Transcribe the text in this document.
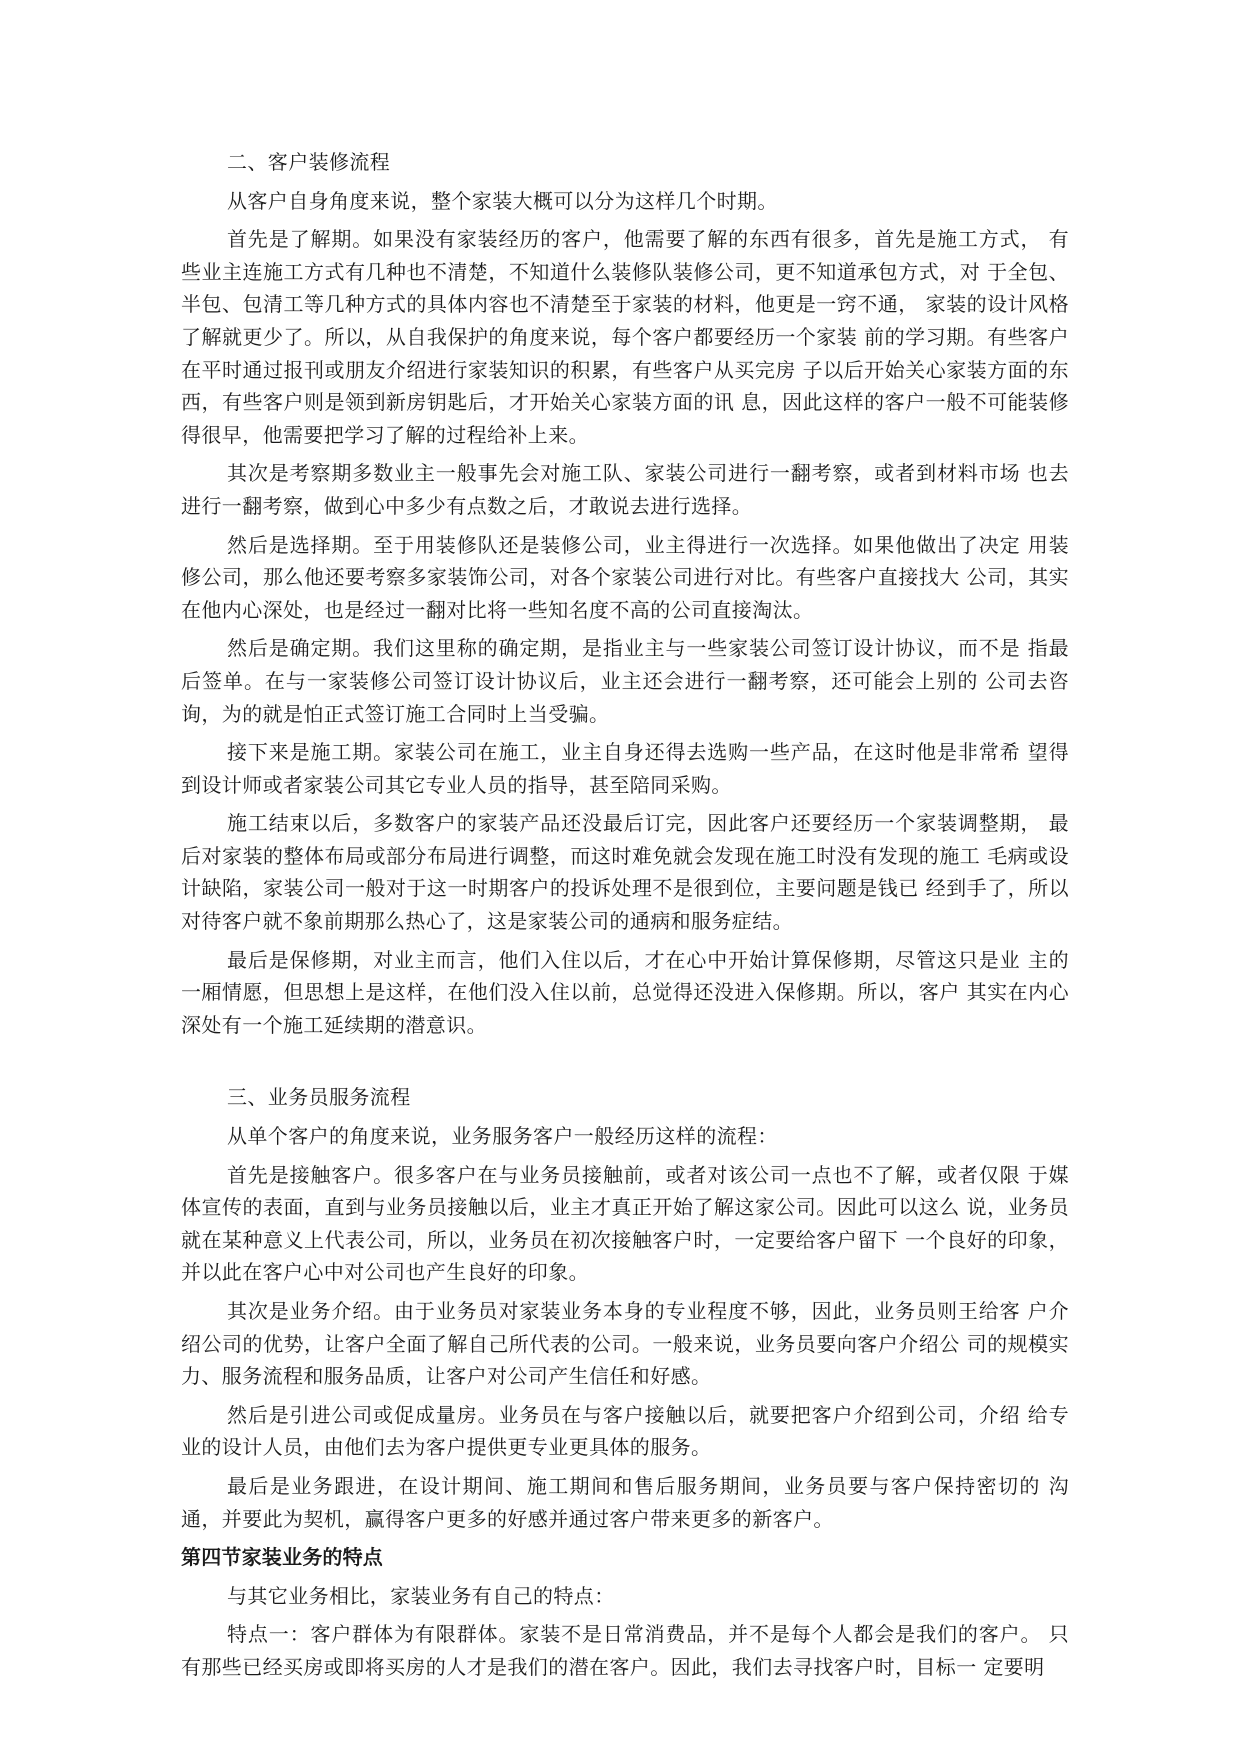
二、客户装修流程

从客户自身角度来说，整个家装大概可以分为这样几个时期。

首先是了解期。如果没有家装经历的客户，他需要了解的东西有很多，首先是施工方式， 有些业主连施工方式有几种也不清楚，不知道什么装修队装修公司，更不知道承包方式，对 于全包、半包、包清工等几种方式的具体内容也不清楚至于家装的材料，他更是一窍不通， 家装的设计风格了解就更少了。所以，从自我保护的角度来说，每个客户都要经历一个家装 前的学习期。有些客户在平时通过报刊或朋友介绍进行家装知识的积累，有些客户从买完房 子以后开始关心家装方面的东西，有些客户则是领到新房钥匙后，才开始关心家装方面的讯 息，因此这样的客户一般不可能装修得很早，他需要把学习了解的过程给补上来。

其次是考察期多数业主一般事先会对施工队、家装公司进行一翻考察，或者到材料市场 也去进行一翻考察，做到心中多少有点数之后，才敢说去进行选择。

然后是选择期。至于用装修队还是装修公司，业主得进行一次选择。如果他做出了决定 用装修公司，那么他还要考察多家装饰公司，对各个家装公司进行对比。有些客户直接找大 公司，其实在他内心深处，也是经过一翻对比将一些知名度不高的公司直接淘汰。

然后是确定期。我们这里称的确定期，是指业主与一些家装公司签订设计协议，而不是 指最后签单。在与一家装修公司签订设计协议后，业主还会进行一翻考察，还可能会上别的 公司去咨询，为的就是怕正式签订施工合同时上当受骗。

接下来是施工期。家装公司在施工，业主自身还得去选购一些产品，在这时他是非常希 望得到设计师或者家装公司其它专业人员的指导，甚至陪同采购。

施工结束以后，多数客户的家装产品还没最后订完，因此客户还要经历一个家装调整期， 最后对家装的整体布局或部分布局进行调整，而这时难免就会发现在施工时没有发现的施工 毛病或设计缺陷，家装公司一般对于这一时期客户的投诉处理不是很到位，主要问题是钱已 经到手了，所以对待客户就不象前期那么热心了，这是家装公司的通病和服务症结。

最后是保修期，对业主而言，他们入住以后，才在心中开始计算保修期，尽管这只是业 主的一厢情愿，但思想上是这样，在他们没入住以前，总觉得还没进入保修期。所以，客户 其实在内心深处有一个施工延续期的潜意识。

三、业务员服务流程

从单个客户的角度来说，业务服务客户一般经历这样的流程：

首先是接触客户。很多客户在与业务员接触前，或者对该公司一点也不了解，或者仅限 于媒体宣传的表面，直到与业务员接触以后，业主才真正开始了解这家公司。因此可以这么 说，业务员就在某种意义上代表公司，所以，业务员在初次接触客户时，一定要给客户留下 一个良好的印象，并以此在客户心中对公司也产生良好的印象。

其次是业务介绍。由于业务员对家装业务本身的专业程度不够，因此，业务员则王给客 户介绍公司的优势，让客户全面了解自己所代表的公司。一般来说，业务员要向客户介绍公 司的规模实力、服务流程和服务品质，让客户对公司产生信任和好感。

然后是引进公司或促成量房。业务员在与客户接触以后，就要把客户介绍到公司，介绍 给专业的设计人员，由他们去为客户提供更专业更具体的服务。

最后是业务跟进，在设计期间、施工期间和售后服务期间，业务员要与客户保持密切的 沟通，并要此为契机，赢得客户更多的好感并通过客户带来更多的新客户。

第四节家装业务的特点

与其它业务相比，家装业务有自己的特点：

特点一：客户群体为有限群体。家装不是日常消费品，并不是每个人都会是我们的客户。 只有那些已经买房或即将买房的人才是我们的潜在客户。因此，我们去寻找客户时，目标一 定要明
